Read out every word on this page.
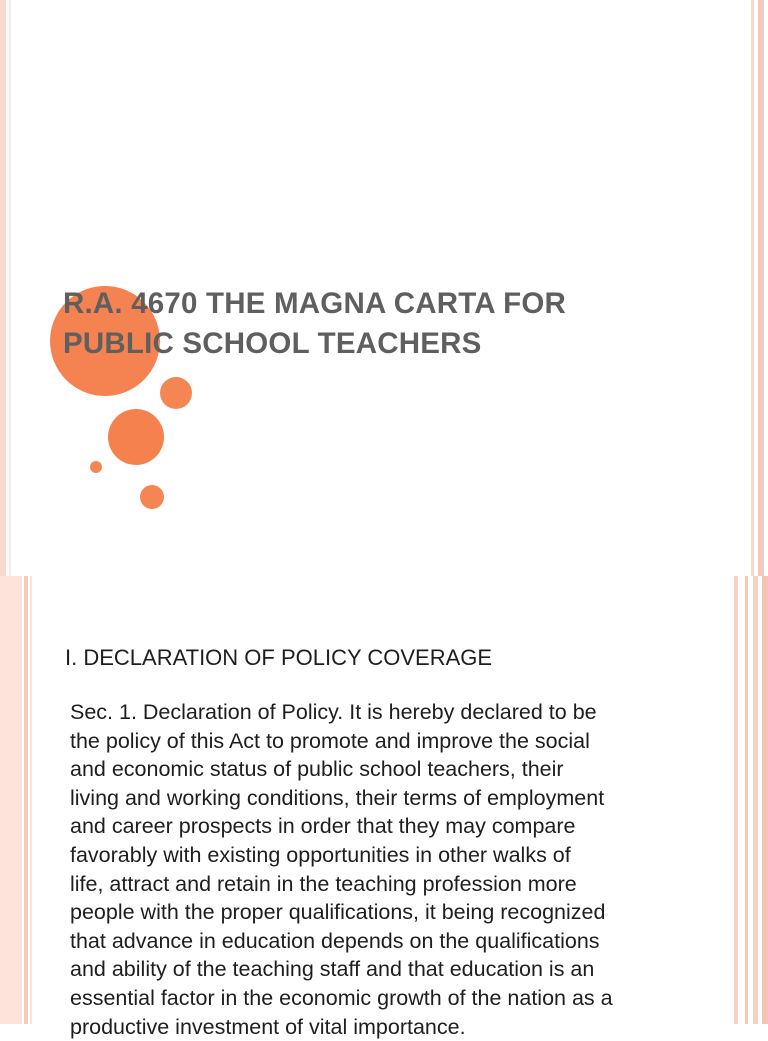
R.A. 4670 THE MAGNA CARTA FOR
PUBLIC SCHOOL TEACHERS
I. DECLARATION OF POLICY COVERAGE

Sec. 1. Declaration of Policy. It is hereby declared to be
the policy of this Act to promote and improve the social
and economic status of public school teachers, their
living and working conditions, their terms of employment
and career prospects in order that they may compare
favorably with existing opportunities in other walks of
life, attract and retain in the teaching profession more
people with the proper qualifications, it being recognized
that advance in education depends on the qualifications
and ability of the teaching staff and that education is an
essential factor in the economic growth of the nation as a
productive investment of vital importance.
